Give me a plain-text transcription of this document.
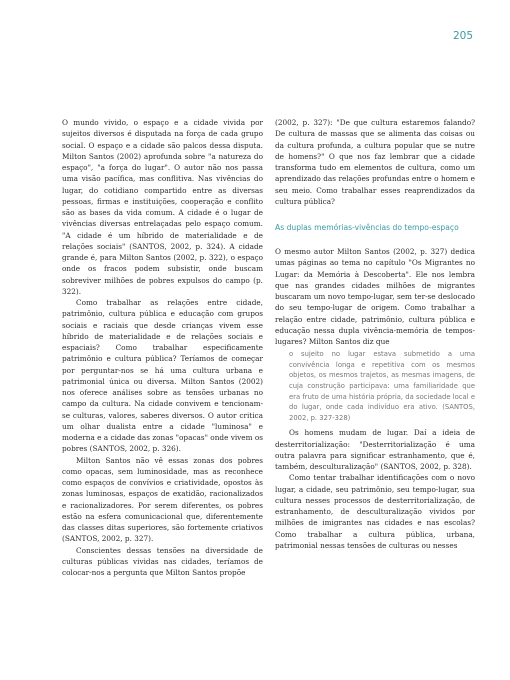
205

O mundo vivido, o espaço e a cidade vivida por sujeitos diversos é disputada na força de cada grupo social. O espaço e a cidade são palcos dessa disputa. Milton Santos (2002) aprofunda sobre "a natureza do espaço", "a força do lugar". O autor não nos passa uma visão pacífica, mas conflitiva. Nas vivências do lugar, do cotidiano compartido entre as diversas pessoas, firmas e instituições, cooperação e conflito são as bases da vida comum. A cidade é o lugar de vivências diversas entrelaçadas pelo espaço comum. "A cidade é um híbrido de materialidade e de relações sociais" (SANTOS, 2002, p. 324). A cidade grande é, para Milton Santos (2002, p. 322), o espaço onde os fracos podem subsistir, onde buscam sobreviver milhões de pobres expulsos do campo (p. 322).

Como trabalhar as relações entre cidade, patrimônio, cultura pública e educação com grupos sociais e raciais que desde crianças vivem esse híbrido de materialidade e de relações sociais e espaciais? Como trabalhar especificamente patrimônio e cultura pública? Teríamos de começar por perguntar-nos se há uma cultura urbana e patrimonial única ou diversa. Milton Santos (2002) nos oferece análises sobre as tensões urbanas no campo da cultura. Na cidade convivem e tencionam-se culturas, valores, saberes diversos. O autor critica um olhar dualista entre a cidade "luminosa" e moderna e a cidade das zonas "opacas" onde vivem os pobres (SANTOS, 2002, p. 326).

Milton Santos não vê essas zonas dos pobres como opacas, sem luminosidade, mas as reconhece como espaços de convívios e criatividade, opostos às zonas luminosas, espaços de exatidão, racionalizados e racionalizadores. Por serem diferentes, os pobres estão na esfera comunicacional que, diferentemente das classes ditas superiores, são fortemente criativos (SANTOS, 2002, p. 327).

Conscientes dessas tensões na diversidade de culturas públicas vividas nas cidades, teríamos de colocar-nos a pergunta que Milton Santos propõe

(2002, p. 327): "De que cultura estaremos falando? De cultura de massas que se alimenta das coisas ou da cultura profunda, a cultura popular que se nutre de homens?" O que nos faz lembrar que a cidade transforma tudo em elementos de cultura, como um aprendizado das relações profundas entre o homem e seu meio. Como trabalhar esses reaprendizados da cultura pública?

As duplas memórias-vivências do tempo-espaço

O mesmo autor Milton Santos (2002, p. 327) dedica umas páginas ao tema no capítulo "Os Migrantes no Lugar: da Memória à Descoberta". Ele nos lembra que nas grandes cidades milhões de migrantes buscaram um novo tempo-lugar, sem ter-se deslocado do seu tempo-lugar de origem. Como trabalhar a relação entre cidade, patrimônio, cultura pública e educação nessa dupla vivência-memória de tempos-lugares? Milton Santos diz que

o sujeito no lugar estava submetido a uma convivência longa e repetitiva com os mesmos objetos, os mesmos trajetos, as mesmas imagens, de cuja construção participava: uma familiaridade que era fruto de uma história própria, da sociedade local e do lugar, onde cada indivíduo era ativo. (SANTOS, 2002, p. 327-328)

Os homens mudam de lugar. Daí a ideia de desterritorialização: "Desterritorialização é uma outra palavra para significar estranhamento, que é, também, desculturalização" (SANTOS, 2002, p. 328).

Como tentar trabalhar identificações com o novo lugar, a cidade, seu patrimônio, seu tempo-lugar, sua cultura nesses processos de desterritorialização, de estranhamento, de desculturalização vividos por milhões de imigrantes nas cidades e nas escolas? Como trabalhar a cultura pública, urbana, patrimonial nessas tensões de culturas ou nesses
